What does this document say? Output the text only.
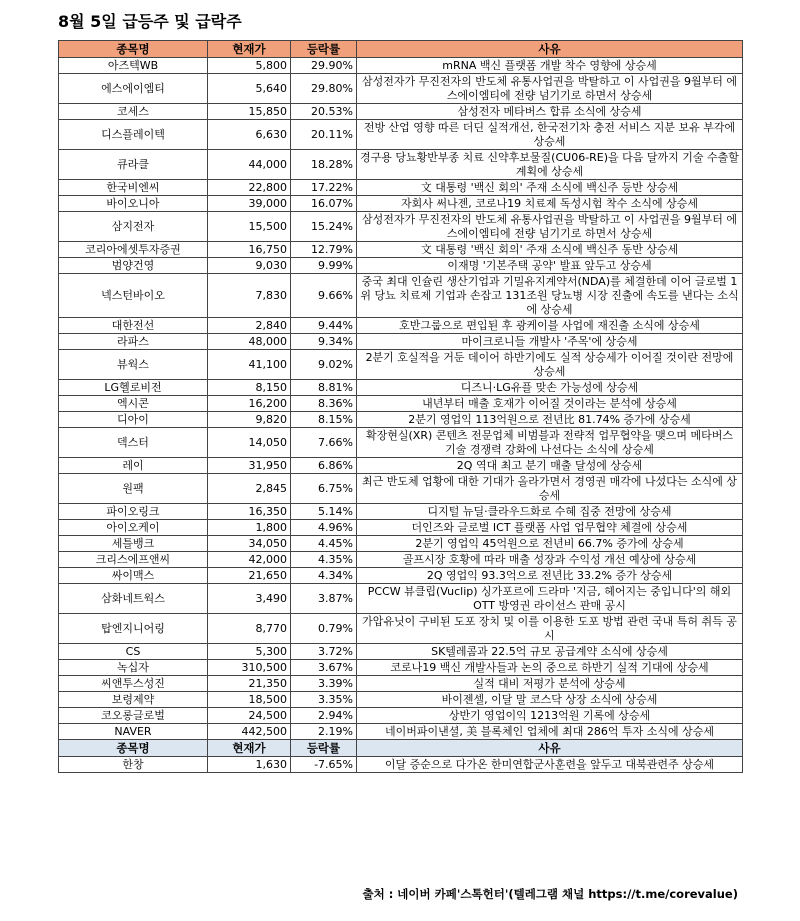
8월 5일 급등주 및 급락주
종목명	현재가	등락률	사유
아즈텍WB	5,800	29.90%	mRNA 백신 플랫폼 개발 착수 영향에 상승세
에스에이엠티	5,640	29.80%	삼성전자가 무진전자의 반도체 유통사업권을 박탈하고 이 사업권을 9월부터 에스에이엠티에 전량 넘기기로 하면서 상승세
코세스	15,850	20.53%	삼성전자 메타버스 합류 소식에 상승세
디스플레이텍	6,630	20.11%	전방 산업 영향 따른 더딘 실적개선, 한국전기차 충전 서비스 지분 보유 부각에 상승세
큐라클	44,000	18.28%	경구용 당뇨황반부종 치료 신약후보물질(CU06-RE)을 다음 달까지 기술 수출할 계획에 상승세
한국비엔씨	22,800	17.22%	文 대통령 '백신 회의' 주재 소식에 백신주 등반 상승세
바이오니아	39,000	16.07%	자회사 써나젠, 코로나19 치료제 독성시험 착수 소식에 상승세
삼지전자	15,500	15.24%	삼성전자가 무진전자의 반도체 유통사업권을 박탈하고 이 사업권을 9월부터 에스에이엠티에 전량 넘기기로 하면서 상승세
코리아에셋투자증권	16,750	12.79%	文 대통령 '백신 회의' 주재 소식에 백신주 동반 상승세
범양건영	9,030	9.99%	이재명 '기본주택 공약' 발표 앞두고 상승세
넥스턴바이오	7,830	9.66%	중국 최대 인슐린 생산기업과 기밀유지계약서(NDA)를 체결한데 이어 글로벌 1위 당뇨 치료제 기업과 손잡고 131조원 당뇨병 시장 진출에 속도를 낸다는 소식에 상승세
대한전선	2,840	9.44%	호반그룹으로 편입된 후 광케이블 사업에 재진출 소식에 상승세
라파스	48,000	9.34%	마이크로니들 개발사 '주목'에 상승세
뷰웍스	41,100	9.02%	2분기 호실적을 거둔 데이어 하반기에도 실적 상승세가 이어질 것이란 전망에 상승세
LG헬로비전	8,150	8.81%	디즈니·LG유플 맞손 가능성에 상승세
엑시콘	16,200	8.36%	내년부터 매출 호재가 이어질 것이라는 분석에 상승세
디아이	9,820	8.15%	2분기 영업익 113억원으로 전년比 81.74% 증가에 상승세
덱스터	14,050	7.66%	확장현실(XR) 콘텐츠 전문업체 비범블과 전략적 업무협약을 맺으며 메타버스 기술 경쟁력 강화에 나선다는 소식에 상승세
레이	31,950	6.86%	2Q 역대 최고 분기 매출 달성에 상승세
원팩	2,845	6.75%	최근 반도체 업황에 대한 기대가 올라가면서 경영권 매각에 나섰다는 소식에 상승세
파이오링크	16,350	5.14%	디지털 뉴딜·클라우드화로 수혜 집중 전망에 상승세
아이오케이	1,800	4.96%	더인즈와 글로벌 ICT 플랫폼 사업 업무협약 체결에 상승세
세틀뱅크	34,050	4.45%	2분기 영업익 45억원으로 전년비 66.7% 증가에 상승세
크리스에프앤씨	42,000	4.35%	골프시장 호황에 따라 매출 성장과 수익성 개선 예상에 상승세
싸이맥스	21,650	4.34%	2Q 영업익 93.3억으로 전년比 33.2% 증가 상승세
삼화네트웍스	3,490	3.87%	PCCW 뷰클립(Vuclip) 싱가포르에 드라마 '지금, 헤어지는 중입니다'의 해외 OTT 방영권 라이선스 판매 공시
탑엔지니어링	8,770	0.79%	가압유닛이 구비된 도포 장치 및 이를 이용한 도포 방법 관련 국내 특허 취득 공시
CS	5,300	3.72%	SK텔레콤과 22.5억 규모 공급계약 소식에 상승세
녹십자	310,500	3.67%	코로나19 백신 개발사들과 논의 중으로 하반기 실적 기대에 상승세
씨앤투스성진	21,350	3.39%	실적 대비 저평가 분석에 상승세
보령제약	18,500	3.35%	바이젠셀, 이달 말 코스닥 상장 소식에 상승세
코오롱글로벌	24,500	2.94%	상반기 영업이익 1213억원 기록에 상승세
NAVER	442,500	2.19%	네이버파이낸셜, 美 블록체인 업체에 최대 286억 투자 소식에 상승세
종목명	현재가	등락률	사유
한창	1,630	-7.65%	이달 증순으로 다가온 한미연합군사훈련을 앞두고 대북관련주 상승세
출처 : 네이버 카페'스톡헌터'(텔레그램 채널 https://t.me/corevalue)
